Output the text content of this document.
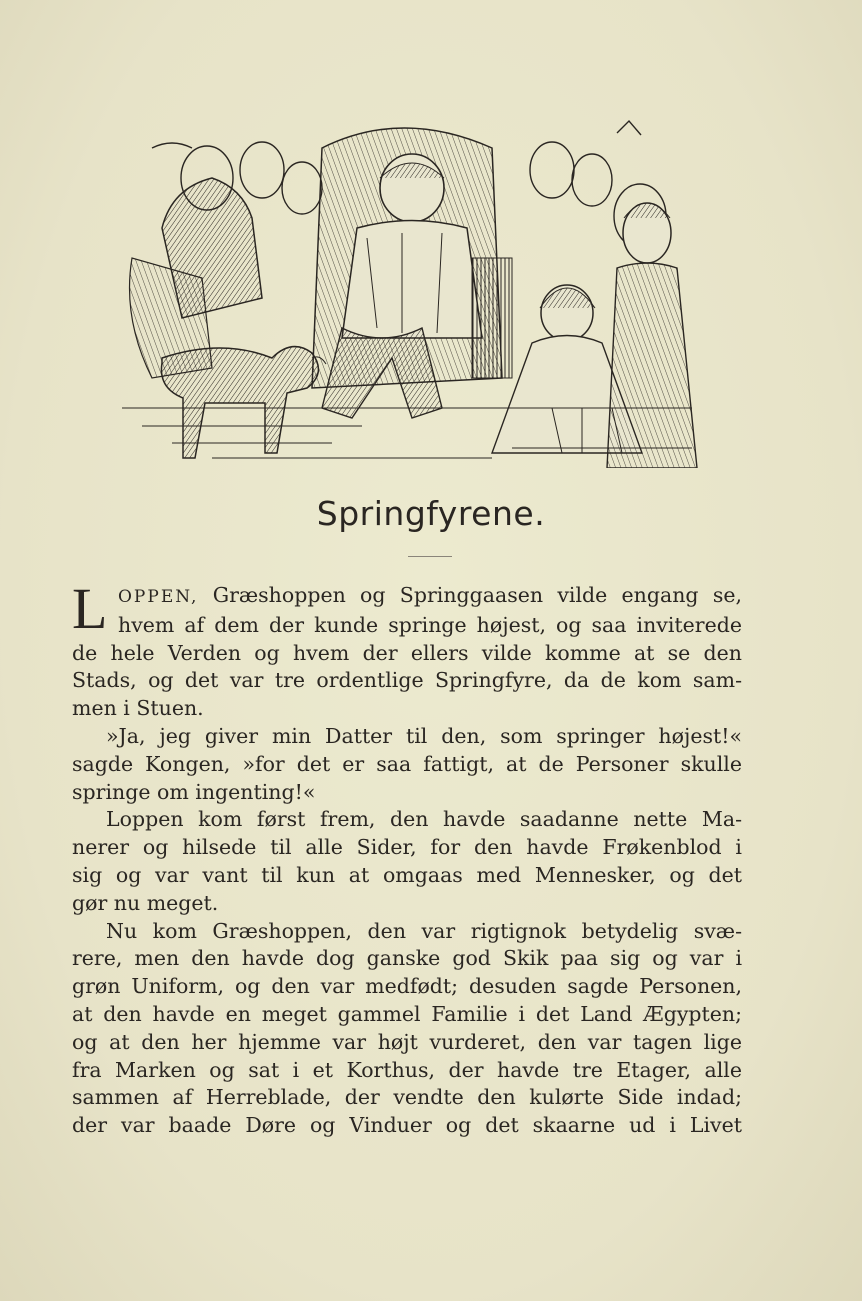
Springfyrene.
L OPPEN, Græshoppen og Springgaasen vilde engang se,
hvem af dem der kunde springe højest, og saa inviterede
de hele Verden og hvem der ellers vilde komme at se den
Stads, og det var tre ordentlige Springfyre, da de kom sam-
men i Stuen.
»Ja, jeg giver min Datter til den, som springer højest!«
sagde Kongen, »for det er saa fattigt, at de Personer skulle
springe om ingenting!«
Loppen kom først frem, den havde saadanne nette Ma-
nerer og hilsede til alle Sider, for den havde Frøkenblod i
sig og var vant til kun at omgaas med Mennesker, og det
gør nu meget.
Nu kom Græshoppen, den var rigtignok betydelig svæ-
rere, men den havde dog ganske god Skik paa sig og var i
grøn Uniform, og den var medfødt; desuden sagde Personen,
at den havde en meget gammel Familie i det Land Ægypten;
og at den her hjemme var højt vurderet, den var tagen lige
fra Marken og sat i et Korthus, der havde tre Etager, alle
sammen af Herreblade, der vendte den kulørte Side indad;
der var baade Døre og Vinduer og det skaarne ud i Livet
